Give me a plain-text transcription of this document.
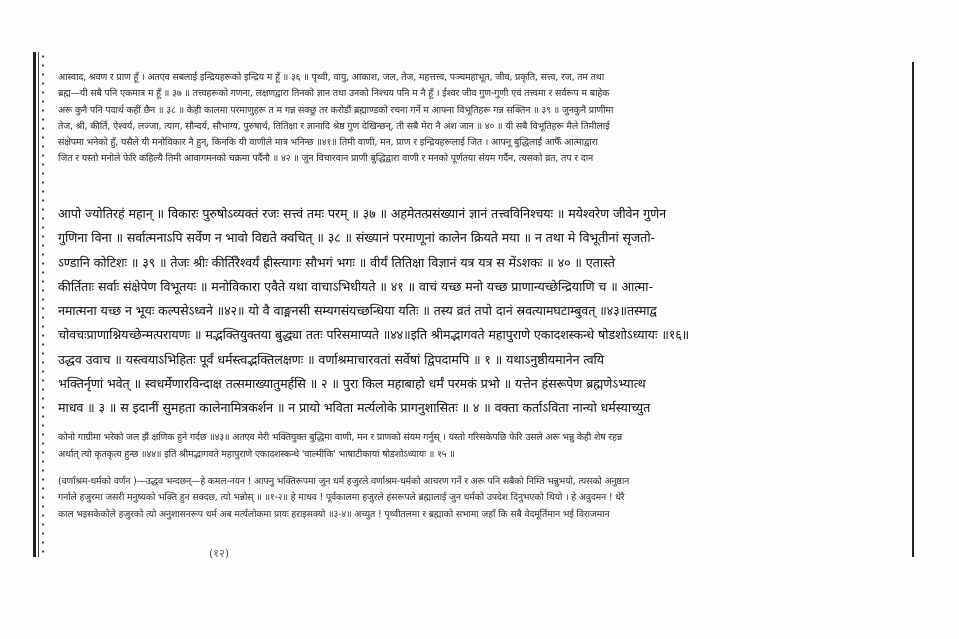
आस्वाद, श्रवण र प्राण हूँ । अतएव सबलाई इन्द्रियहरूको इन्द्रिय म हूँ ॥ ३६ ॥ पृथ्वी, वायु, आकाश, जल, तेज, महत्तत्त्व, पञ्चमहाभूत, जीव, प्रकृति, सत्त्व, रज, तम तथा
ब्रह्म—यी सबै पनि एकमात्र म हूँ ॥ ३७ ॥ तत्त्वहरूको गणना, लक्षणद्वारा तिनको ज्ञान तथा उनको निश्चय पनि म नै हूँ । ईश्वर जीव गुण-गुणी एवं तत्त्वमा र सर्वरूप म बाहेक
अरू कुनै पनि पदार्थ कहीं छैन ॥ ३८ ॥ केही कालमा परमाणुहरू त म गन्न सक्छु तर करोडौं ब्रह्माण्डको रचना गर्ने म आफ्ना विभूतिहरू गन्न सक्तिन ॥ ३९ ॥ जुनकुनै प्राणीमा
तेज, श्री, कीर्ति, ऐश्वर्य, लज्जा, त्याग, सौन्दर्य, सौभाग्य, पुरुषार्थ, तितिक्षा र ज्ञानादि श्रेष्ठ गुण देखिन्छन्, ती सबै मेरा नै अंश जान ॥ ४० ॥ यी सबै विभूतिहरू मैले तिमीलाई
संक्षेपमा भनेको हुँ, यसैले यी मनोविकार नै हुन्, किनकि यी वाणीले मात्र भनिन्छ ॥४१॥ तिमी वाणी, मन, प्राण र इन्द्रियहरूलाई जित । आफ्नू बुद्धिलाई आफैँ आत्माद्वारा
जित र यस्तो मनोले फेरि कहिल्यै तिमी आवागमनको चक्रमा पर्दैनौ ॥ ४२ ॥ जुन विचारवान प्राणी बुद्धिद्वारा वाणी र मनको पूर्णतया संयम गर्दैन, त्यसको व्रत, तप र दान
आपो ज्योतिरहं महान् ॥ विकारः पुरुषोऽव्यक्तं रजः सत्त्वं तमः परम् ॥ ३७ ॥ अहमेतत्प्रसंख्यानं ज्ञानं तत्त्वविनिश्चयः ॥ मयेश्वरेण जीवेन गुणेन
गुणिना विना ॥ सर्वात्मनाऽपि सर्वेण न भावो विद्यते क्वचित् ॥ ३८ ॥ संख्यानं परमाणूनां कालेन क्रियते मया ॥ न तथा मे विभूतीनां सृजतो-
ऽण्डानि कोटिशः ॥ ३९ ॥ तेजः श्रीः कीर्तिरैश्वर्यं ह्रीस्त्यागः सौभगं भगः ॥ वीर्यं तितिक्षा विज्ञानं यत्र यत्र स मेंऽशकः ॥ ४० ॥ एतास्ते
कीर्तिताः सर्वाः संक्षेपेण विभूतयः ॥ मनोविकारा एवैते यथा वाचाऽभिधीयते ॥ ४१ ॥ वाचं यच्छ मनो यच्छ प्राणान्यच्छेन्द्रियाणि च ॥ आत्मा-
नमात्मना यच्छ न भूयः कल्पसेऽध्वने ॥४२॥ यो वै वाङ्मनसी सम्यगसंयच्छन्धिया यतिः ॥ तस्य व्रतं तपो दानं स्रवत्यामघटाम्बुवत् ॥४३॥तस्माद्व
चोवचःप्राणाश्नियच्छेन्मत्परायणः ॥ मद्भक्तियुक्तया बुद्ध्या ततः परिसमाप्यते ॥४४॥इति श्रीमद्भागवते महापुराणे एकादशस्कन्धे षोडशोऽध्यायः ॥१६॥
उद्धव उवाच ॥ यस्त्वयाऽभिहितः पूर्वं धर्मस्त्वद्भक्तिलक्षणः ॥ वर्णाश्रमाचारवतां सर्वेषां द्विपदामपि ॥ १ ॥ यथाऽनुष्ठीयमानेन त्वयि
भक्तिर्नृणां भवेत् ॥ स्वधर्मेणारविन्दाक्ष तत्समाख्यातुमर्हसि ॥ २ ॥ पुरा किल महाबाहो धर्मं परमकं प्रभो ॥ यत्तेन हंसरूपेण ब्रह्मणेऽभ्यात्थ
माधव ॥ ३ ॥ स इदानीं सुमहता कालेनामित्रकर्शन ॥ न प्रायो भविता मर्त्यलोके प्रागनुशासितः ॥ ४ ॥ वक्ता कर्ताऽविता नान्यो धर्मस्याच्युत
कोनो गाग्रीमा भरेको जल झैं क्षणिक हुने गर्दछ ॥४३॥ अतएव मेरी भक्तियुक्त बुद्धिमा वाणी, मन र प्राणको संयम गर्नुस् । यस्तो गरिसकेपछि फेरि उसले अरू भन्नु केही शेष रहन्न
अर्थात् त्यो कृतकृत्य हुन्छ ॥४४॥ इति श्रीमद्भागवते महापुराणे एकादशस्कन्धे 'वाल्मीकि' भाषाटीकायां षोडशोऽध्यायः ॥ १५ ॥
(वर्णाश्रम-धर्मको वर्णन )—उद्धव भन्दछन्—हे कमल-नयन ! आफ्नु भक्तिरूपमा जुन धर्म हजुरले वर्णाश्रम-धर्मको आचरण गर्ने र अरू पनि सबैको निम्ति भन्नुभयो, त्यसको अनुष्ठान
गर्नाले हजुरमा जसरी मनुष्यको भक्ति हुन सक्दछ, त्यो भन्नोस् ॥ ॥१-२॥ हे माधव ! पूर्वकालमा हजुरले हंसरूपले ब्रह्मालाई जुन धर्मको उपदेश दिनुभएको थियो । हे अवुदमन ! धेरै
काल भइसकेकोले हजुरको त्यो अनुशासनरूप धर्म अब मर्त्यलोकमा प्रायः हराइसक्यो ॥३-४॥ अच्युत ! पृथ्वीतलमा र ब्रह्माको सभामा जहाँ कि सबै वेदमूर्तिमान भई विराजमान
(१२)
